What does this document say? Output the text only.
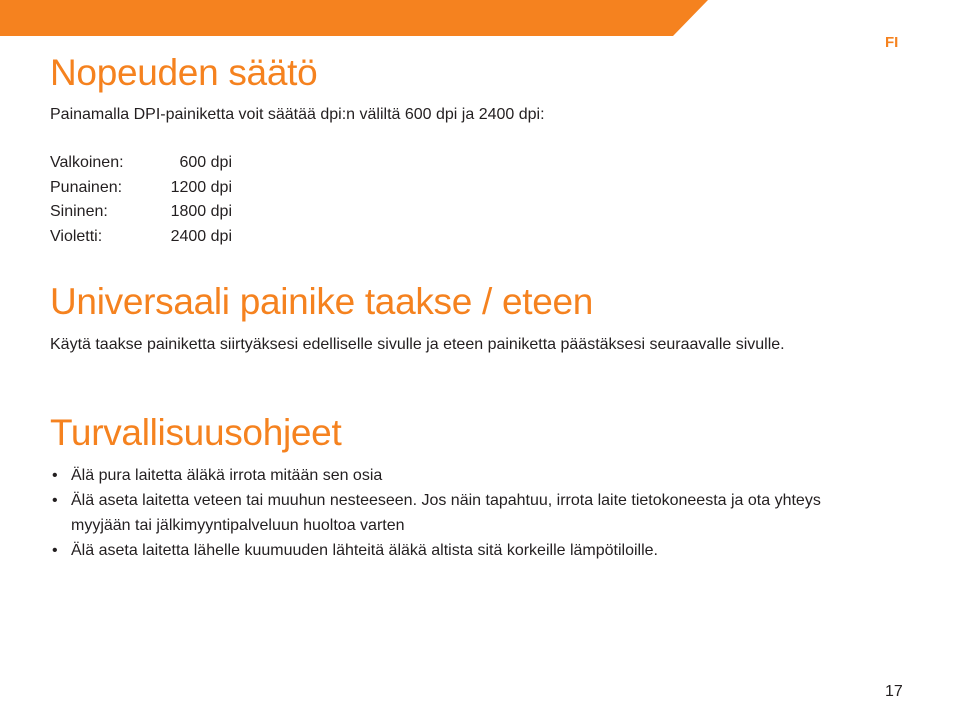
FI
Nopeuden säätö

Painamalla DPI-painiketta voit säätää dpi:n väliltä 600 dpi ja 2400 dpi:

Valkoinen:	600 dpi
Punainen:	1200 dpi
Sininen:	1800 dpi
Violetti:	2400 dpi
Universaali painike taakse / eteen

Käytä taakse painiketta siirtyäksesi edelliselle sivulle ja eteen painiketta päästäksesi seuraavalle sivulle.

Turvallisuusohjeet
• Älä pura laitetta äläkä irrota mitään sen osia
• Älä aseta laitetta veteen tai muuhun nesteeseen. Jos näin tapahtuu, irrota laite tietokoneesta ja ota yhteys myyjään tai jälkimyyntipalveluun huoltoa varten
• Älä aseta laitetta lähelle kuumuuden lähteitä äläkä altista sitä korkeille lämpötiloille.
17
